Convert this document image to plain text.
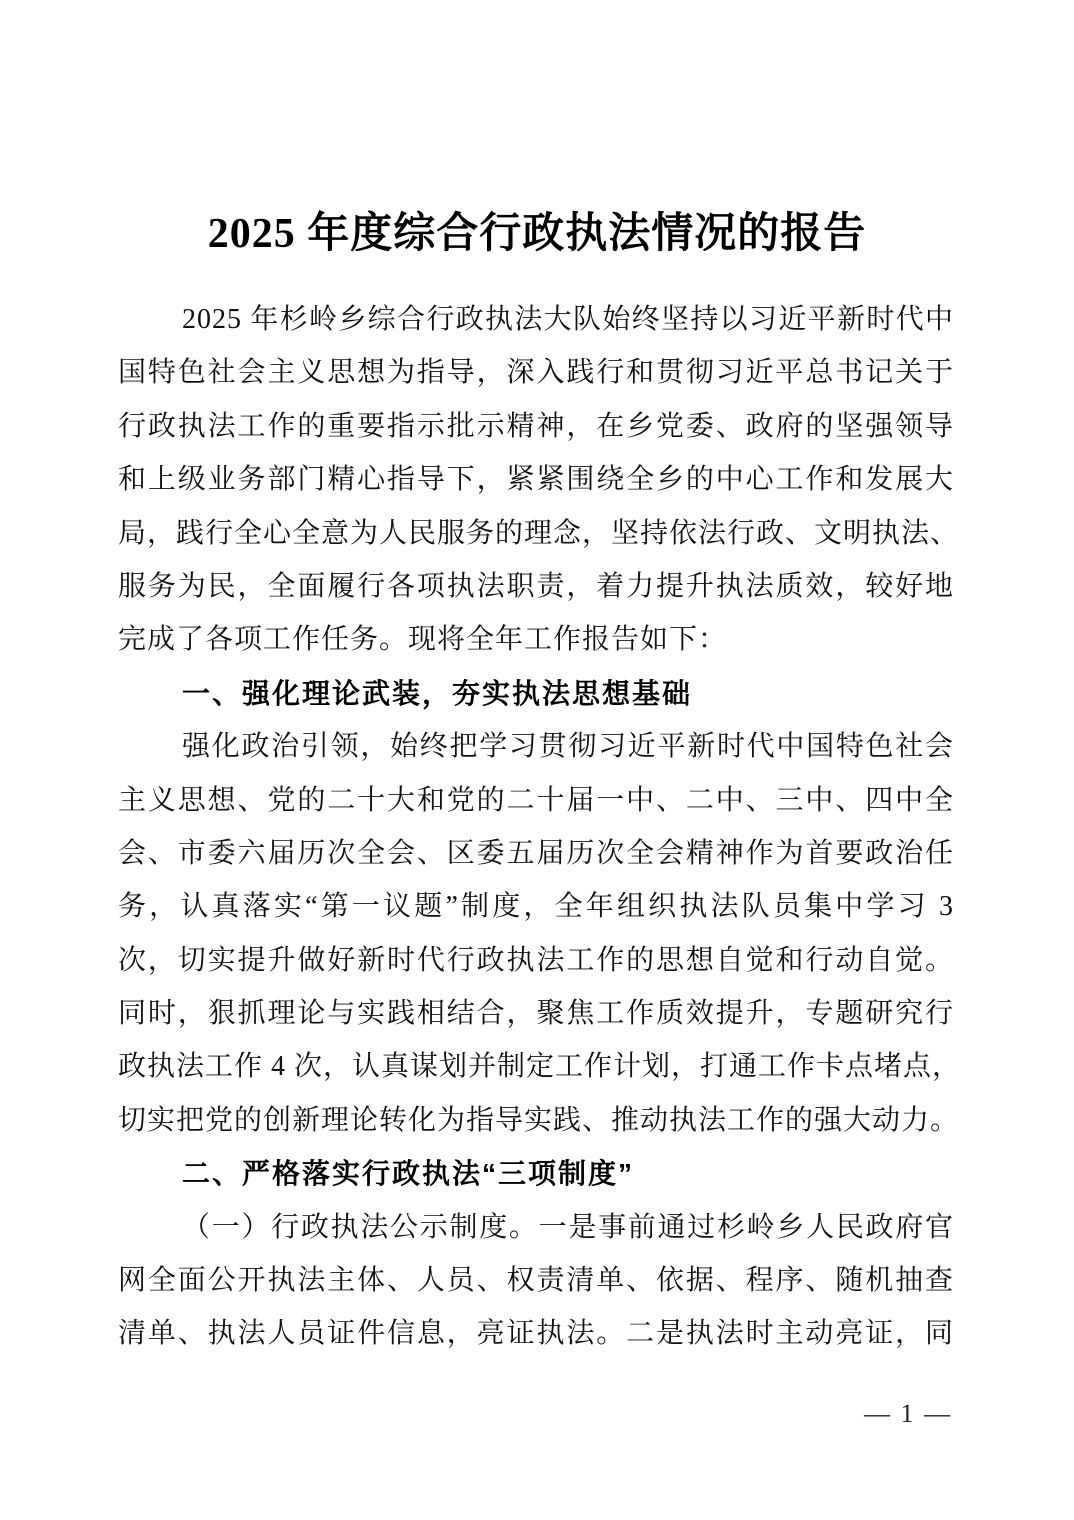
2025 年度综合行政执法情况的报告
2025 年杉岭乡综合行政执法大队始终坚持以习近平新时代中
国特色社会主义思想为指导，深入践行和贯彻习近平总书记关于
行政执法工作的重要指示批示精神，在乡党委、政府的坚强领导
和上级业务部门精心指导下，紧紧围绕全乡的中心工作和发展大
局，践行全心全意为人民服务的理念，坚持依法行政、文明执法、
服务为民，全面履行各项执法职责，着力提升执法质效，较好地
完成了各项工作任务。现将全年工作报告如下：
一、强化理论武装，夯实执法思想基础
强化政治引领，始终把学习贯彻习近平新时代中国特色社会
主义思想、党的二十大和党的二十届一中、二中、三中、四中全
会、市委六届历次全会、区委五届历次全会精神作为首要政治任
务，认真落实“第一议题”制度，全年组织执法队员集中学习 3
次，切实提升做好新时代行政执法工作的思想自觉和行动自觉。
同时，狠抓理论与实践相结合，聚焦工作质效提升，专题研究行
政执法工作 4 次，认真谋划并制定工作计划，打通工作卡点堵点，
切实把党的创新理论转化为指导实践、推动执法工作的强大动力。
二、严格落实行政执法“三项制度”
（一）行政执法公示制度。一是事前通过杉岭乡人民政府官
网全面公开执法主体、人员、权责清单、依据、程序、随机抽查
清单、执法人员证件信息，亮证执法。二是执法时主动亮证，同
— 1 —
